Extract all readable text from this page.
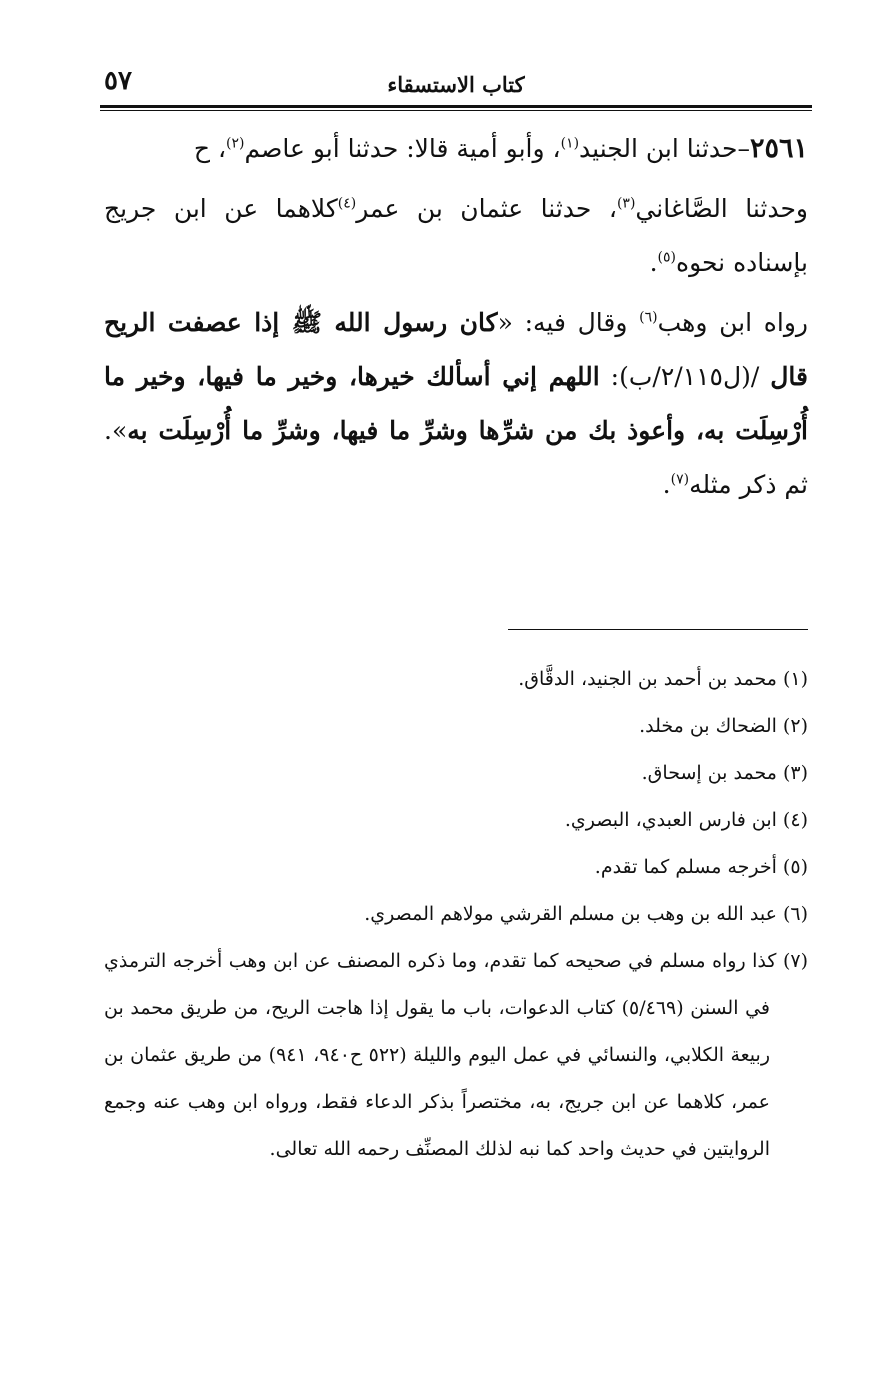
كتاب الاستسقاء
٥٧

٢٥٦١–حدثنا ابن الجنيد$^{(١)}$، وأبو أمية قالا: حدثنا أبو عاصم$^{(٢)}$، ح

وحدثنا الصَّاغاني$^{(٣)}$، حدثنا عثمان بن عمر$^{(٤)}$كلاهما عن ابن جريج بإسناده نحوه$^{(٥)}$.

رواه ابن وهب$^{(٦)}$ وقال فيه: «كان رسول الله ﷺ إذا عصفت الريح قال /(ل٢/١١٥/ب): اللهم إني أسألك خيرها، وخير ما فيها، وخير ما أُرْسِلَت به، وأعوذ بك من شرِّها وشرِّ ما فيها، وشرِّ ما أُرْسِلَت به». ثم ذكر مثله$^{(٧)}$.

(١) محمد بن أحمد بن الجنيد، الدقَّاق.

(٢) الضحاك بن مخلد.

(٣) محمد بن إسحاق.

(٤) ابن فارس العبدي، البصري.

(٥) أخرجه مسلم كما تقدم.

(٦) عبد الله بن وهب بن مسلم القرشي مولاهم المصري.

(٧) كذا رواه مسلم في صحيحه كما تقدم، وما ذكره المصنف عن ابن وهب أخرجه الترمذي في السنن (٥/٤٦٩) كتاب الدعوات، باب ما يقول إذا هاجت الريح، من طريق محمد بن ربيعة الكلابي، والنسائي في عمل اليوم والليلة (٥٢٢ ح٩٤٠، ٩٤١) من طريق عثمان بن عمر، كلاهما عن ابن جريج، به، مختصراً بذكر الدعاء فقط، ورواه ابن وهب عنه وجمع الروايتين في حديث واحد كما نبه لذلك المصنِّف رحمه الله تعالى.
